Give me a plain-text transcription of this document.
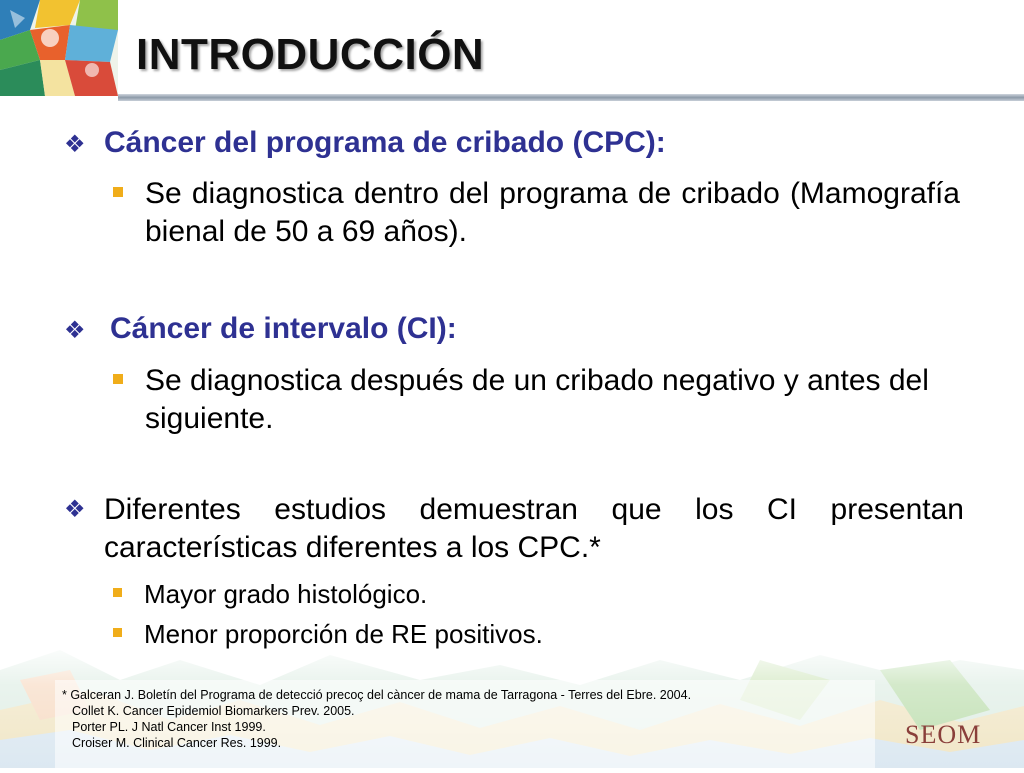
INTRODUCCIÓN
❖ Cáncer del programa de cribado (CPC):
Se diagnostica dentro del programa de cribado (Mamografía bienal de 50 a 69 años).
❖ Cáncer de intervalo (CI):
Se diagnostica después de un cribado negativo y antes del siguiente.
❖ Diferentes estudios demuestran que los CI presentan características diferentes a los CPC.*
Mayor grado histológico.
Menor proporción de RE positivos.
* Galceran J. Boletín del Programa de detecció precoç del càncer de mama de Tarragona - Terres del Ebre. 2004.
Collet K. Cancer Epidemiol Biomarkers Prev. 2005.
Porter PL. J Natl Cancer Inst 1999.
Croiser M. Clinical Cancer Res. 1999.	SEOM
